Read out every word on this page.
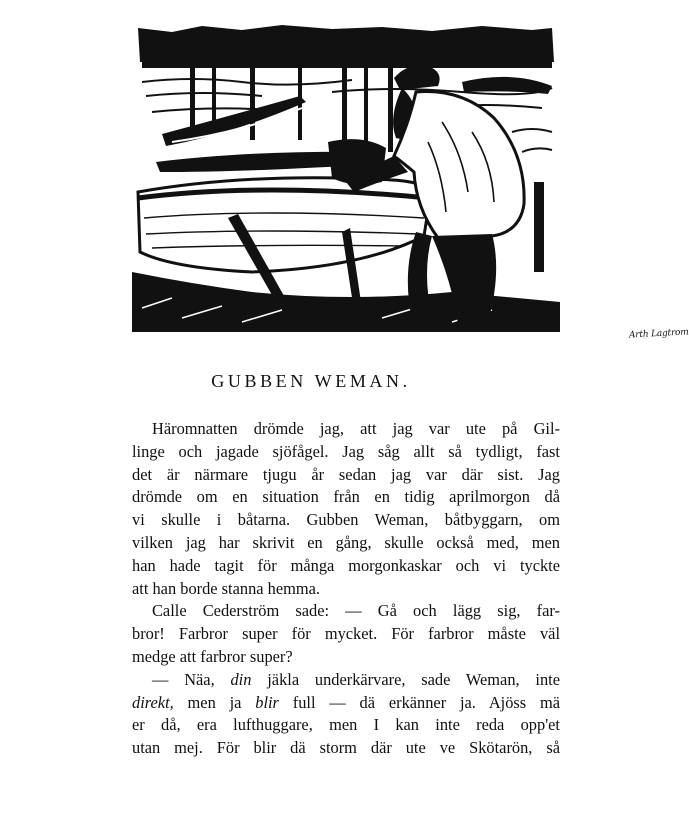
Arth Lagtrom
GUBBEN WEMAN.
Häromnatten drömde jag, att jag var ute på Gil-
linge och jagade sjöfågel. Jag såg allt så tydligt, fast
det är närmare tjugu år sedan jag var där sist. Jag
drömde om en situation från en tidig aprilmorgon då
vi skulle i båtarna. Gubben Weman, båtbyggarn, om
vilken jag har skrivit en gång, skulle också med, men
han hade tagit för många morgonkaskar och vi tyckte
att han borde stanna hemma.
Calle Cederström sade: — Gå och lägg sig, far-
bror! Farbror super för mycket. För farbror måste väl
medge att farbror super?
— Näa, din jäkla underkärvare, sade Weman, inte
direkt, men ja blir full — dä erkänner ja. Ajöss mä
er då, era lufthuggare, men I kan inte reda opp'et
utan mej. För blir dä storm där ute ve Skötarön, så
